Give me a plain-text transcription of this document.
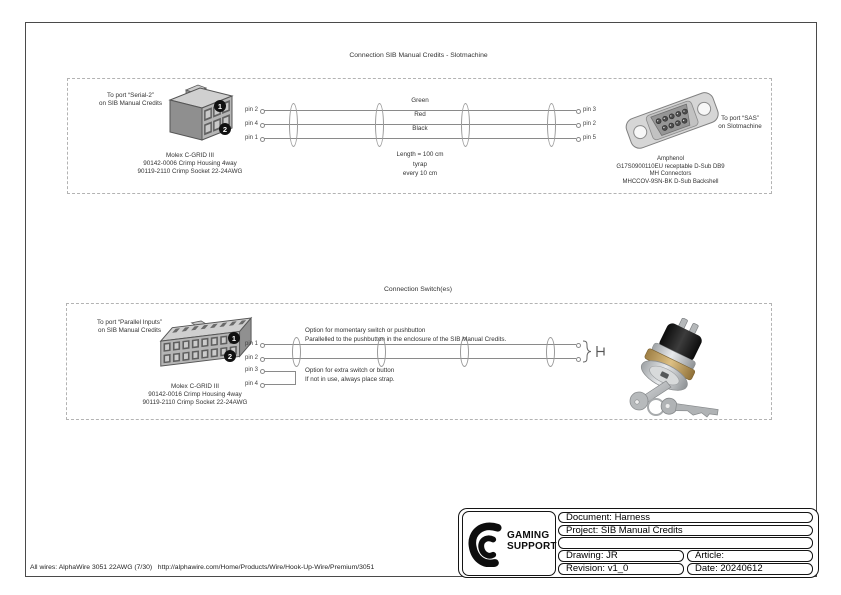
Connection SIB Manual Credits - Slotmachine
To port “Serial-2”
on SIB Manual Credits	1
2
Molex C-GRID III
90142-0006 Crimp Housing 4way
90119-2110 Crimp Socket 22-24AWG
pin 2
pin 4
pin 1
Green
Red
Black
Length = 100 cm
tyrap
every 10 cm
pin 3
pin 2
pin 5
Amphenol
G17S0900110EU receptable D-Sub DB9
MH Connectors
MHCCOV-9SN-BK D-Sub Backshell
To port “SAS”
on Slotmachine
Connection Switch(es)
To port “Parallel Inputs”
on SIB Manual Credits
1
2
Molex C-GRID III
90142-0016 Crimp Housing 4way
90119-2110 Crimp Socket 22-24AWG
pin 1
pin 2
pin 3
pin 4
Option for momentary switch or pushbutton
Parallelled to the pushbutton in the enclosure of the SIB Manual Credits.
Option for extra switch or button
If not in use, always place strap.
GAMING
SUPPORT
Document: Harness
Project: SIB Manual Credits
Drawing: JR	Article:
Revision: v1_0	Date: 20240612
All wires: AlphaWire 3051 22AWG (7/30)   http://alphawire.com/Home/Products/Wire/Hook-Up-Wire/Premium/3051
